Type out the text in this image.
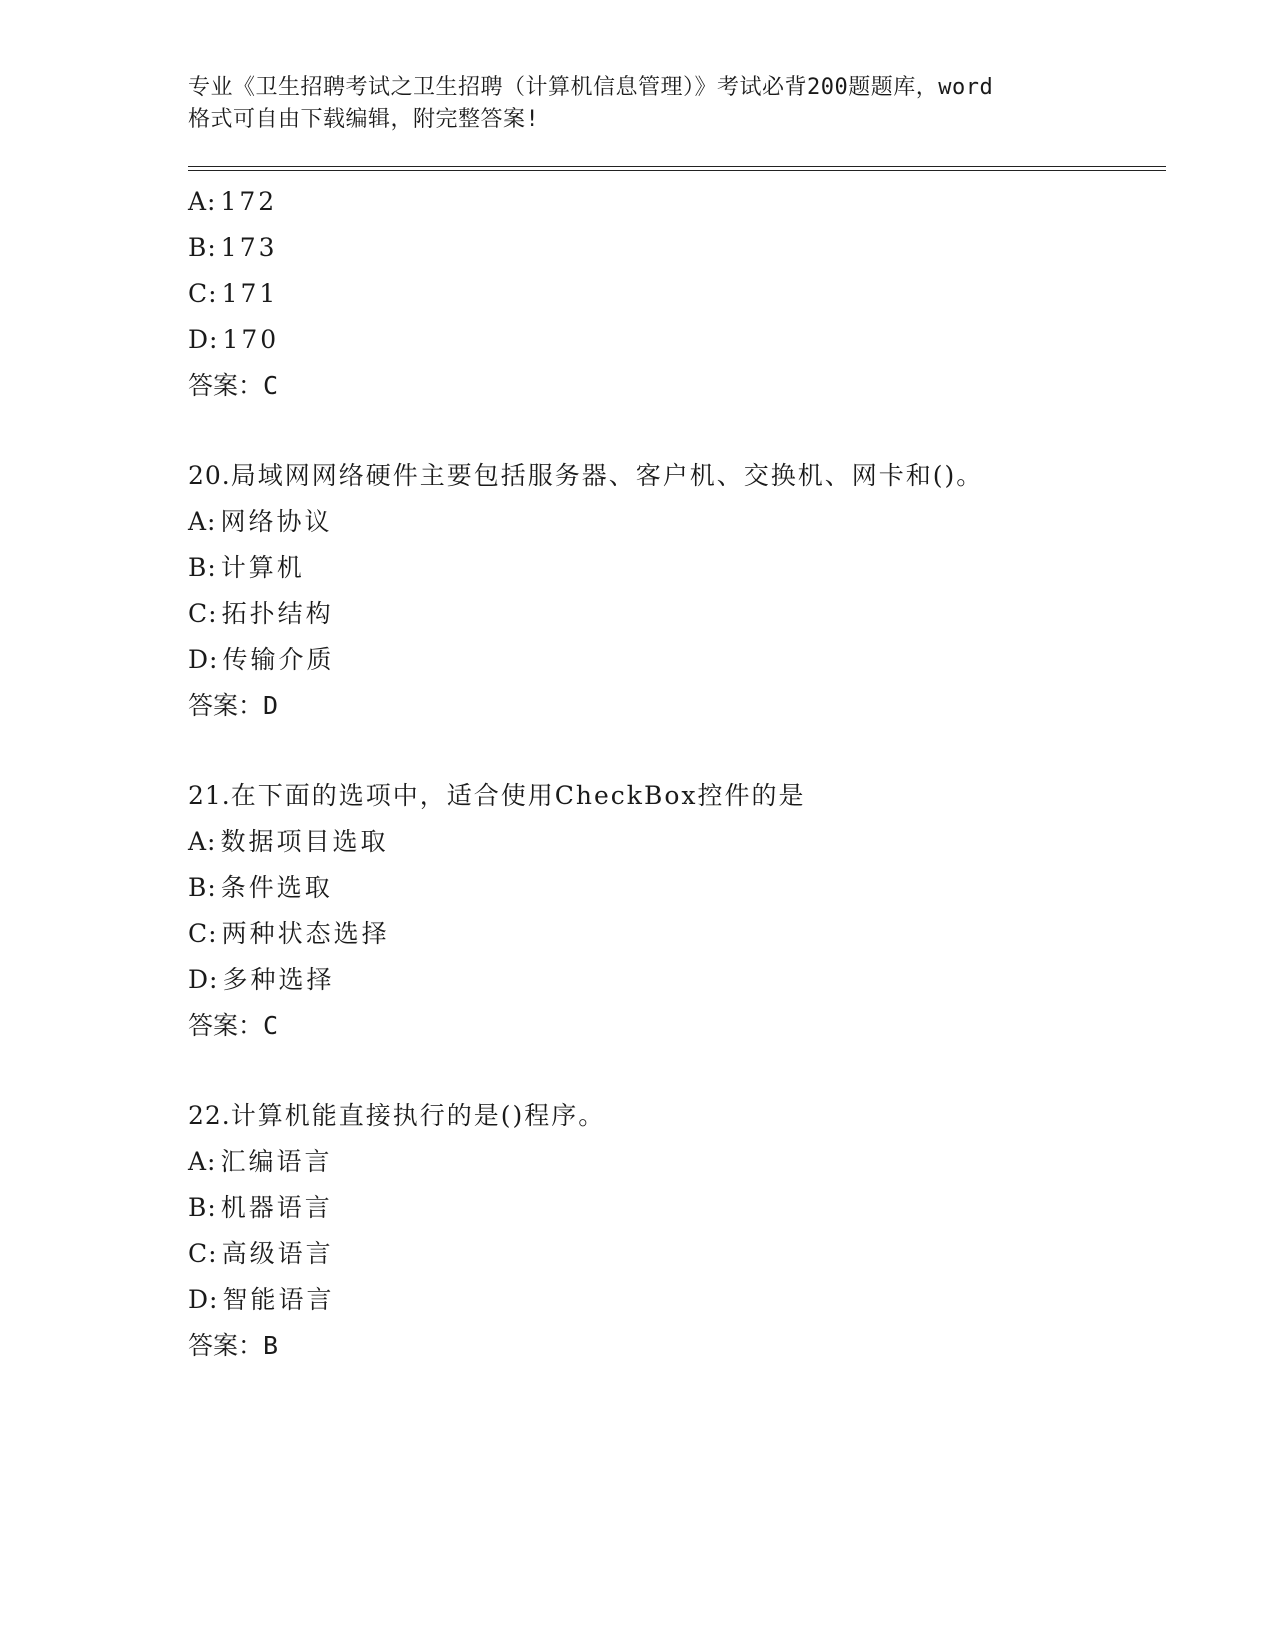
专业《卫生招聘考试之卫生招聘（计算机信息管理）》考试必背200题题库，word
格式可自由下载编辑，附完整答案!
A: 172
B: 173
C: 171
D: 170
答案：C
20.局域网网络硬件主要包括服务器、客户机、交换机、网卡和()。
A: 网络协议
B: 计算机
C: 拓扑结构
D: 传输介质
答案：D
21.在下面的选项中，适合使用CheckBox控件的是
A: 数据项目选取
B: 条件选取
C: 两种状态选择
D: 多种选择
答案：C
22.计算机能直接执行的是()程序。
A: 汇编语言
B: 机器语言
C: 高级语言
D: 智能语言
答案：B
